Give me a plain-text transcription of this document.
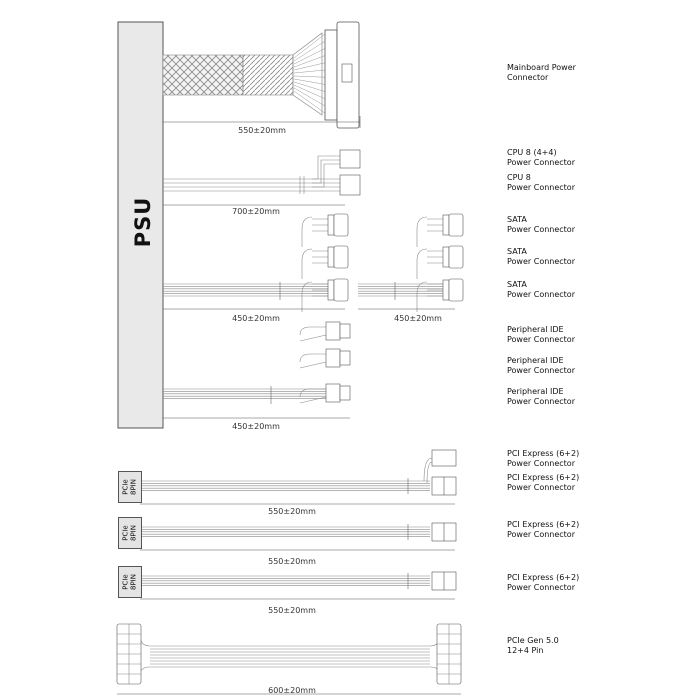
PSU
PCIe
8PIN
PCIe
8PIN
PCIe
8PIN
550±20mm
700±20mm
450±20mm	450±20mm
450±20mm
550±20mm
550±20mm
550±20mm
600±20mm
Mainboard Power
Connector
CPU 8 (4+4)
Power Connector
CPU 8
Power Connector
SATA
Power Connector
SATA
Power Connector
SATA
Power Connector
Peripheral IDE
Power Connector
Peripheral IDE
Power Connector
Peripheral IDE
Power Connector
PCI Express (6+2)
Power Connector
PCI Express (6+2)
Power Connector
PCI Express (6+2)
Power Connector
PCI Express (6+2)
Power Connector
PCIe Gen 5.0
12+4 Pin
